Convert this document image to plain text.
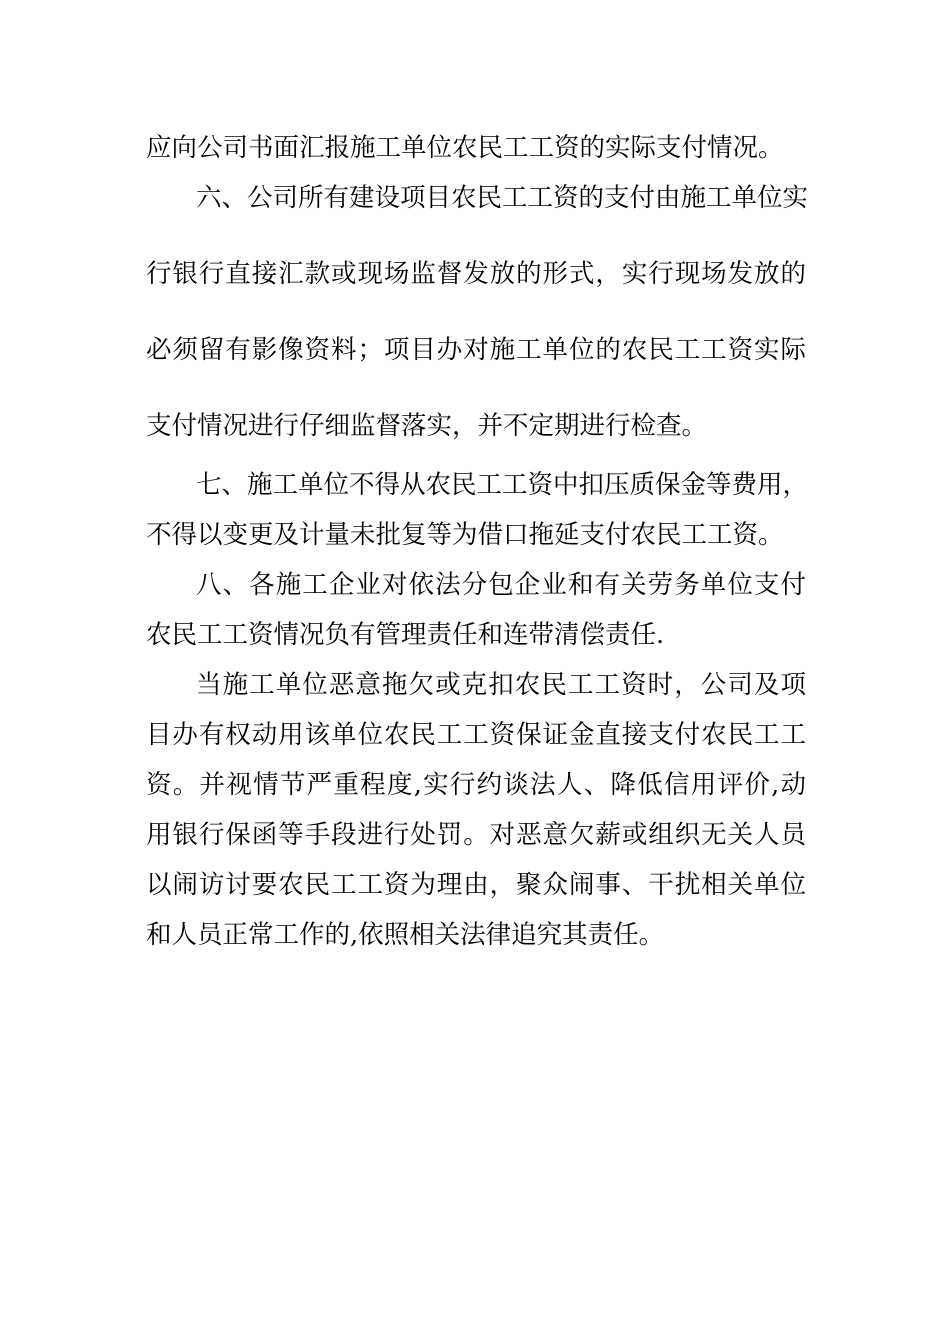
应向公司书面汇报施工单位农民工工资的实际支付情况。
六、公司所有建设项目农民工工资的支付由施工单位实
行银行直接汇款或现场监督发放的形式，实行现场发放的
必须留有影像资料；项目办对施工单位的农民工工资实际
支付情况进行仔细监督落实，并不定期进行检查。
七、施工单位不得从农民工工资中扣压质保金等费用，
不得以变更及计量未批复等为借口拖延支付农民工工资。
八、各施工企业对依法分包企业和有关劳务单位支付
农民工工资情况负有管理责任和连带清偿责任.
当施工单位恶意拖欠或克扣农民工工资时，公司及项
目办有权动用该单位农民工工资保证金直接支付农民工工
资。并视情节严重程度,实行约谈法人、降低信用评价,动
用银行保函等手段进行处罚。对恶意欠薪或组织无关人员
以闹访讨要农民工工资为理由，聚众闹事、干扰相关单位
和人员正常工作的,依照相关法律追究其责任。
